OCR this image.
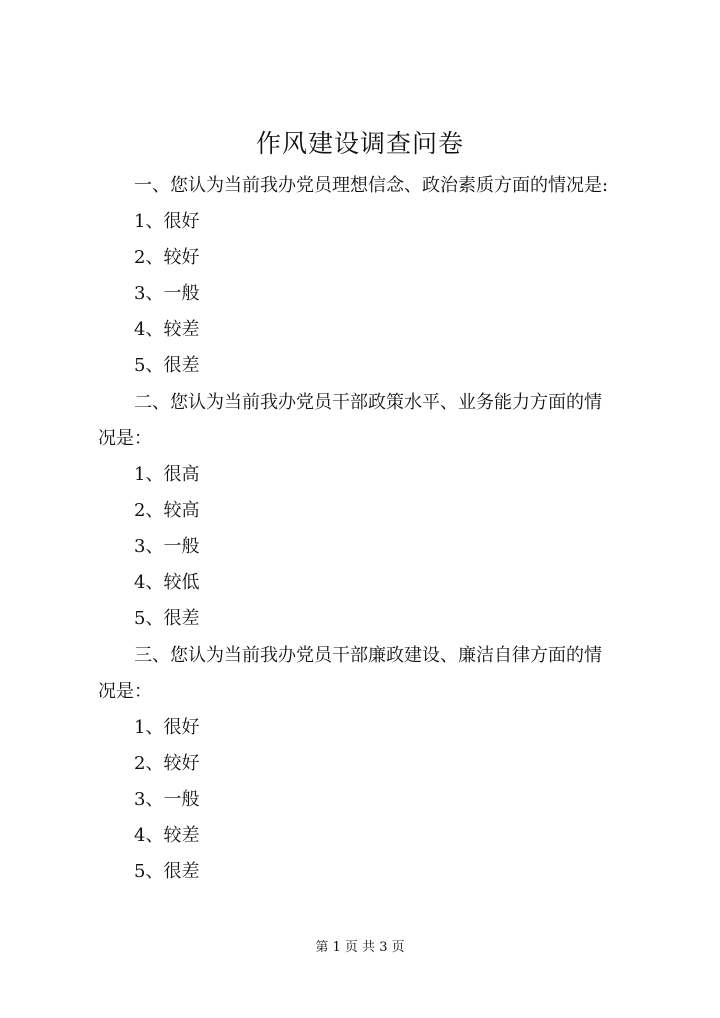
作风建设调查问卷
一、您认为当前我办党员理想信念、政治素质方面的情况是:
1、很好
2、较好
3、一般
4、较差
5、很差
二、您认为当前我办党员干部政策水平、业务能力方面的情
况是：
1、很高
2、较高
3、一般
4、较低
5、很差
三、您认为当前我办党员干部廉政建设、廉洁自律方面的情
况是：
1、很好
2、较好
3、一般
4、较差
5、很差
第 1 页 共 3 页
